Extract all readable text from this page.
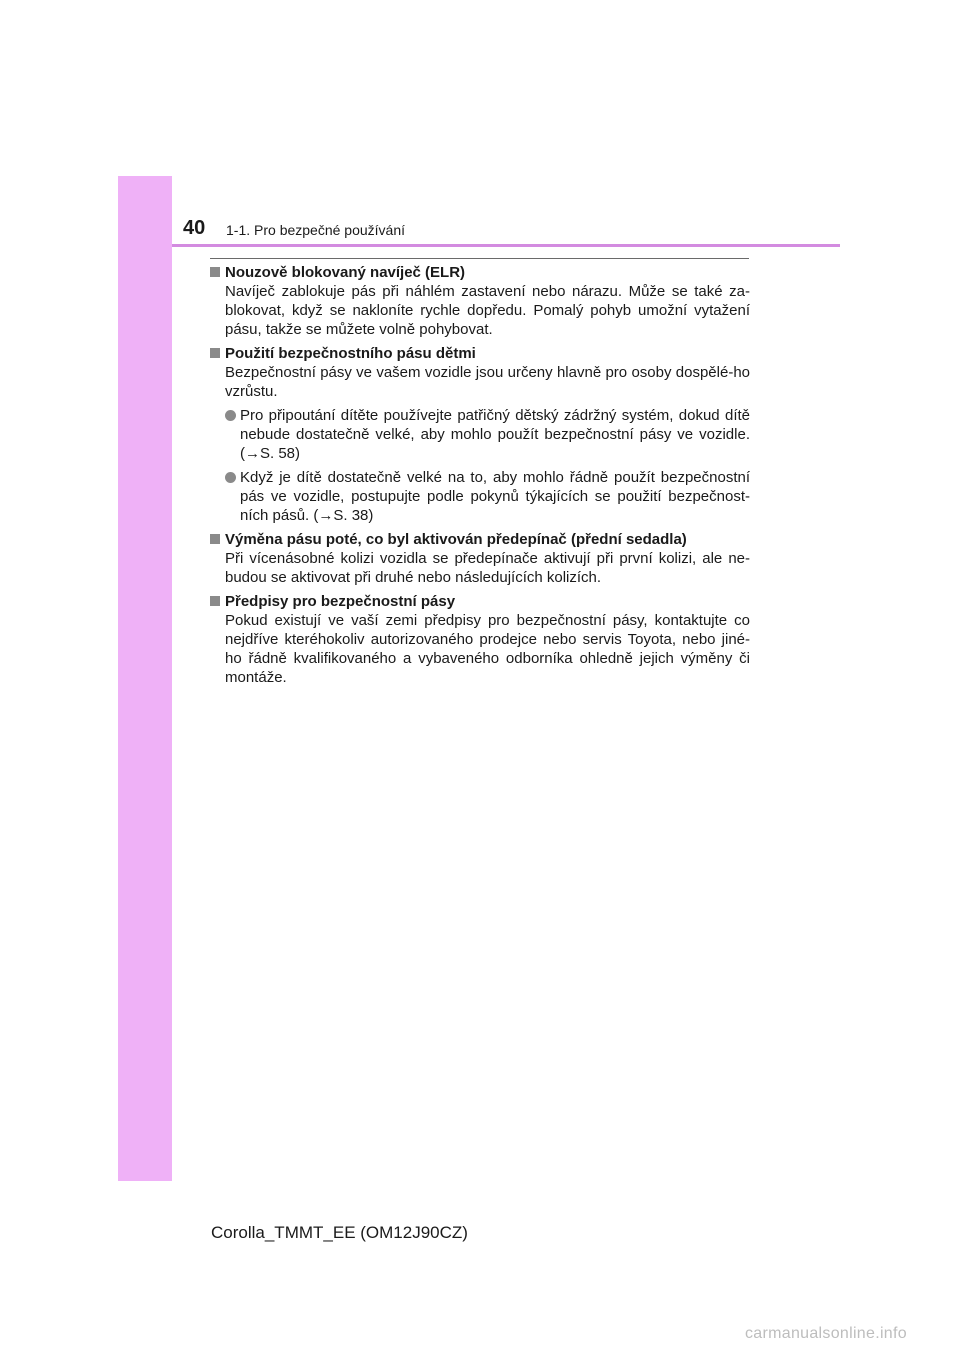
40 1-1. Pro bezpečné používání
Nouzově blokovaný navíječ (ELR)
Navíječ zablokuje pás při náhlém zastavení nebo nárazu. Může se také za-blokovat, když se nakloníte rychle dopředu. Pomalý pohyb umožní vytažení pásu, takže se můžete volně pohybovat.
Použití bezpečnostního pásu dětmi
Bezpečnostní pásy ve vašem vozidle jsou určeny hlavně pro osoby dospělé-ho vzrůstu.
Pro připoutání dítěte používejte patřičný dětský zádržný systém, dokud dítě nebude dostatečně velké, aby mohlo použít bezpečnostní pásy ve vozidle. (→S. 58)
Když je dítě dostatečně velké na to, aby mohlo řádně použít bezpečnostní pás ve vozidle, postupujte podle pokynů týkajících se použití bezpečnost-ních pásů. (→S. 38)
Výměna pásu poté, co byl aktivován předepínač (přední sedadla)
Při vícenásobné kolizi vozidla se předepínače aktivují při první kolizi, ale ne-budou se aktivovat při druhé nebo následujících kolizích.
Předpisy pro bezpečnostní pásy
Pokud existují ve vaší zemi předpisy pro bezpečnostní pásy, kontaktujte co nejdříve kteréhokoliv autorizovaného prodejce nebo servis Toyota, nebo jiné-ho řádně kvalifikovaného a vybaveného odborníka ohledně jejich výměny či montáže.
Corolla_TMMT_EE (OM12J90CZ)
carmanualsonline.info
